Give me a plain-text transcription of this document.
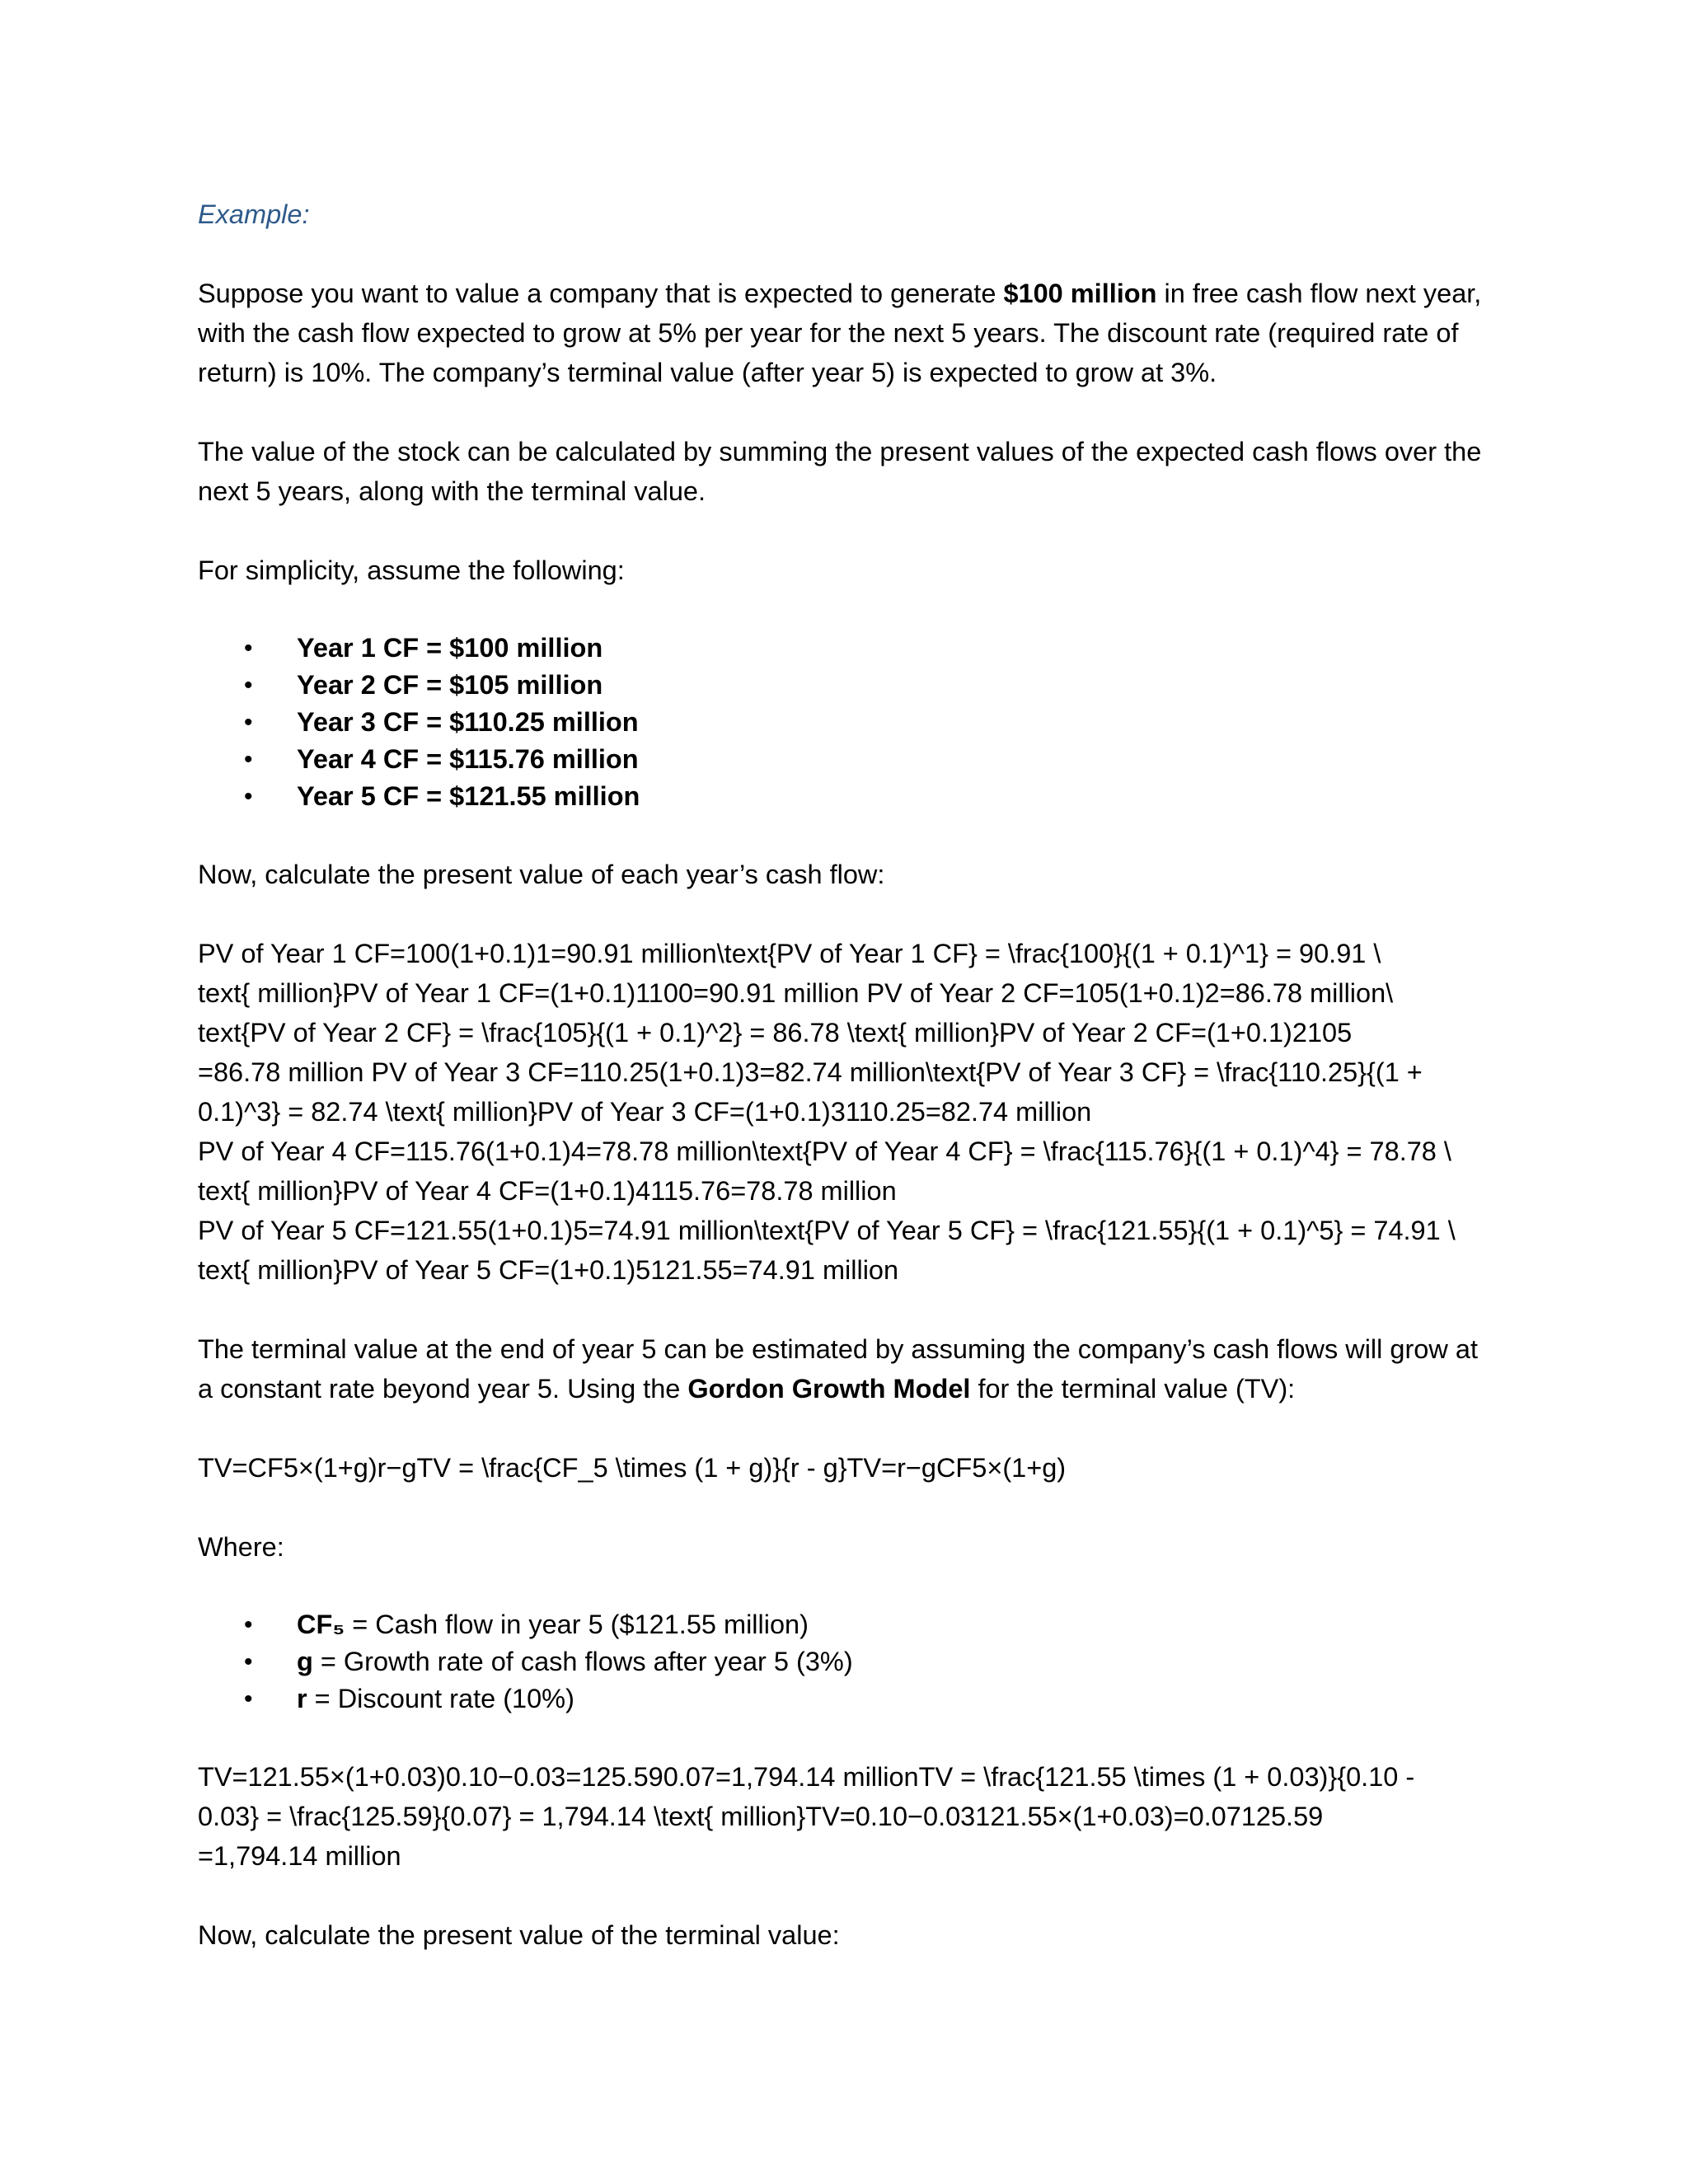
Example:

Suppose you want to value a company that is expected to generate $100 million in free cash flow next year, with the cash flow expected to grow at 5% per year for the next 5 years. The discount rate (required rate of return) is 10%. The company’s terminal value (after year 5) is expected to grow at 3%.

The value of the stock can be calculated by summing the present values of the expected cash flows over the next 5 years, along with the terminal value.

For simplicity, assume the following:

• Year 1 CF = $100 million
• Year 2 CF = $105 million
• Year 3 CF = $110.25 million
• Year 4 CF = $115.76 million
• Year 5 CF = $121.55 million

Now, calculate the present value of each year’s cash flow:

PV of Year 1 CF=100(1+0.1)1=90.91 million\text{PV of Year 1 CF} = \frac{100}{(1 + 0.1)^1} = 90.91 \

text{ million}PV of Year 1 CF=(1+0.1)1100=90.91 million PV of Year 2 CF=105(1+0.1)2=86.78 million\

text{PV of Year 2 CF} = \frac{105}{(1 + 0.1)^2} = 86.78 \text{ million}PV of Year 2 CF=(1+0.1)2105

=86.78 million PV of Year 3 CF=110.25(1+0.1)3=82.74 million\text{PV of Year 3 CF} = \frac{110.25}{(1 +

0.1)^3} = 82.74 \text{ million}PV of Year 3 CF=(1+0.1)3110.25=82.74 million

PV of Year 4 CF=115.76(1+0.1)4=78.78 million\text{PV of Year 4 CF} = \frac{115.76}{(1 + 0.1)^4} = 78.78 \

text{ million}PV of Year 4 CF=(1+0.1)4115.76=78.78 million

PV of Year 5 CF=121.55(1+0.1)5=74.91 million\text{PV of Year 5 CF} = \frac{121.55}{(1 + 0.1)^5} = 74.91 \

text{ million}PV of Year 5 CF=(1+0.1)5121.55=74.91 million

The terminal value at the end of year 5 can be estimated by assuming the company’s cash flows will grow at a constant rate beyond year 5. Using the Gordon Growth Model for the terminal value (TV):

TV=CF5×(1+g)r−gTV = \frac{CF_5 \times (1 + g)}{r - g}TV=r−gCF5×(1+g)

Where:

• CF₅ = Cash flow in year 5 ($121.55 million)
• g = Growth rate of cash flows after year 5 (3%)
• r = Discount rate (10%)

TV=121.55×(1+0.03)0.10−0.03=125.590.07=1,794.14 millionTV = \frac{121.55 \times (1 + 0.03)}{0.10 -

0.03} = \frac{125.59}{0.07} = 1,794.14 \text{ million}TV=0.10−0.03121.55×(1+0.03)=0.07125.59

=1,794.14 million

Now, calculate the present value of the terminal value:
